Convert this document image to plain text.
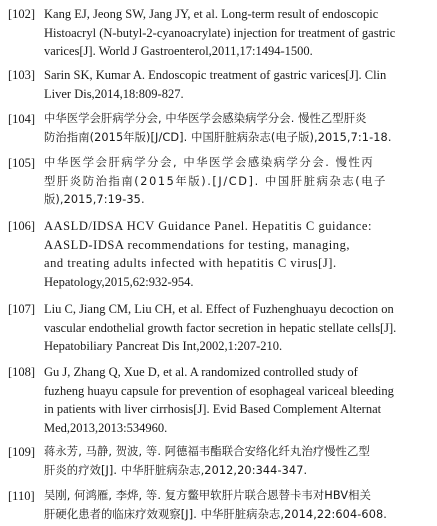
[102] Kang EJ, Jeong SW, Jang JY, et al. Long-term result of endoscopic
Histoacryl (N-butyl-2-cyanoacrylate) injection for treatment of gastric
varices[J]. World J Gastroenterol,2011,17:1494-1500.
[103] Sarin SK, Kumar A. Endoscopic treatment of gastric varices[J]. Clin
Liver Dis,2014,18:809-827.
[104] 中华医学会肝病学分会, 中华医学会感染病学分会. 慢性乙型肝炎
防治指南(2015年版)[J/CD]. 中国肝脏病杂志(电子版),2015,7:1-18.
[105] 中华医学会肝病学分会, 中华医学会感染病学分会. 慢性丙
型肝炎防治指南(2015年版).[J/CD]. 中国肝脏病杂志(电子
版),2015,7:19-35.
[106] AASLD/IDSA HCV Guidance Panel. Hepatitis C guidance:
AASLD-IDSA recommendations for testing, managing,
and treating adults infected with hepatitis C virus[J].
Hepatology,2015,62:932-954.
[107] Liu C, Jiang CM, Liu CH, et al. Effect of Fuzhenghuayu decoction on
vascular endothelial growth factor secretion in hepatic stellate cells[J].
Hepatobiliary Pancreat Dis Int,2002,1:207-210.
[108] Gu J, Zhang Q, Xue D, et al. A randomized controlled study of
fuzheng huayu capsule for prevention of esophageal variceal bleeding
in patients with liver cirrhosis[J]. Evid Based Complement Alternat
Med,2013,2013:534960.
[109] 蒋永芳, 马静, 贺波, 等. 阿德福韦酯联合安络化纤丸治疗慢性乙型
肝炎的疗效[J]. 中华肝脏病杂志,2012,20:344-347.
[110] 吴刚, 何鸿雁, 李烨, 等. 复方鳖甲软肝片联合恩替卡韦对HBV相关
肝硬化患者的临床疗效观察[J]. 中华肝脏病杂志,2014,22:604-608.
